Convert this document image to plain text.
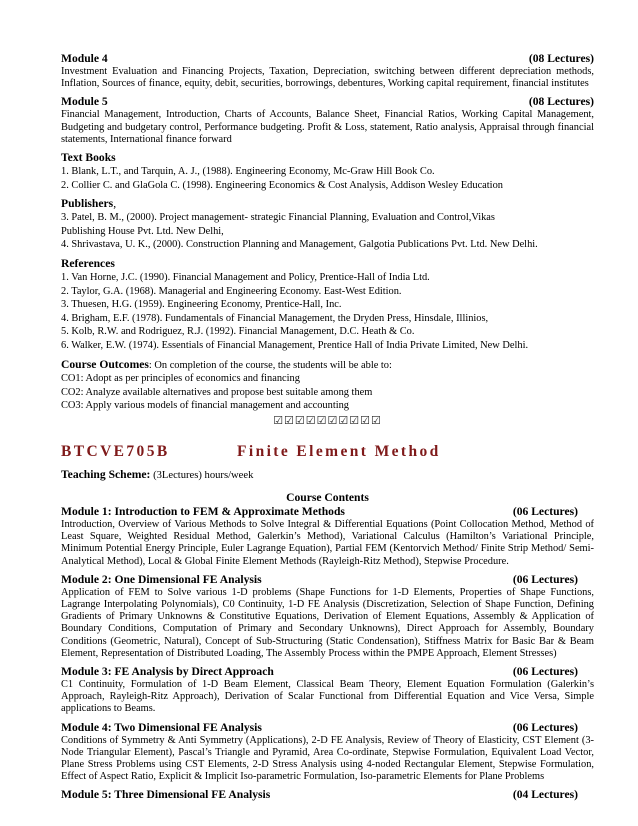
Module 4	(08 Lectures)
Investment Evaluation and Financing Projects, Taxation, Depreciation, switching between different depreciation methods, Inflation, Sources of finance, equity, debit, securities, borrowings, debentures, Working capital requirement, financial institutes
Module 5	(08 Lectures)
Financial Management, Introduction, Charts of Accounts, Balance Sheet, Financial Ratios, Working Capital Management, Budgeting and budgetary control, Performance budgeting. Profit & Loss, statement, Ratio analysis, Appraisal through financial statements, International finance forward
Text Books
1. Blank, L.T., and Tarquin, A. J., (1988). Engineering Economy, Mc-Graw Hill Book Co.
2. Collier C. and GlaGola C. (1998). Engineering Economics & Cost Analysis, Addison Wesley Education
Publishers,
3. Patel, B. M., (2000). Project management- strategic Financial Planning, Evaluation and Control,Vikas
Publishing House Pvt. Ltd. New Delhi,
4. Shrivastava, U. K., (2000). Construction Planning and Management, Galgotia Publications Pvt. Ltd. New Delhi.
References
1. Van Horne, J.C. (1990). Financial Management and Policy, Prentice-Hall of India Ltd.
2. Taylor, G.A. (1968). Managerial and Engineering Economy. East-West Edition.
3. Thuesen, H.G. (1959). Engineering Economy, Prentice-Hall, Inc.
4. Brigham, E.F. (1978). Fundamentals of Financial Management, the Dryden Press, Hinsdale, Illinios,
5. Kolb, R.W. and Rodriguez, R.J. (1992). Financial Management, D.C. Heath & Co.
6. Walker, E.W. (1974). Essentials of Financial Management, Prentice Hall of India Private Limited, New Delhi.
Course Outcomes: On completion of the course, the students will be able to:
CO1: Adopt as per principles of economics and financing
CO2: Analyze available alternatives and propose best suitable among them
CO3: Apply various models of financial management and accounting
☑☑☑☑☑☑☑☑☑☑
BTCVE705B	Finite Element Method
Teaching Scheme: (3Lectures) hours/week
Course Contents
Module 1: Introduction to FEM & Approximate Methods	(06 Lectures)
Introduction, Overview of Various Methods to Solve Integral & Differential Equations (Point Collocation Method, Method of Least Square, Weighted Residual Method, Galerkin’s Method), Variational Calculus (Hamilton’s Variational Principle, Minimum Potential Energy Principle, Euler Lagrange Equation), Partial FEM (Kentorvich Method/ Finite Strip Method/ Semi-Analytical Method), Local & Global Finite Element Methods (Rayleigh-Ritz Method), Stepwise Procedure.
Module 2: One Dimensional FE Analysis	(06 Lectures)
Application of FEM to Solve various 1-D problems (Shape Functions for 1-D Elements, Properties of Shape Functions, Lagrange Interpolating Polynomials), C0 Continuity, 1-D FE Analysis (Discretization, Selection of Shape Function, Defining Gradients of Primary Unknowns & Constitutive Equations, Derivation of Element Equations, Assembly & Application of Boundary Conditions, Computation of Primary and Secondary Unknowns), Direct Approach for Assembly, Boundary Conditions (Geometric, Natural), Concept of Sub-Structuring (Static Condensation), Stiffness Matrix for Basic Bar & Beam Element, Representation of Distributed Loading, The Assembly Process within the PMPE Approach, Element Stresses)
Module 3: FE Analysis by Direct Approach	(06 Lectures)
C1 Continuity, Formulation of 1-D Beam Element, Classical Beam Theory, Element Equation Formulation (Galerkin’s Approach, Rayleigh-Ritz Approach), Derivation of Scalar Functional from Differential Equation and Vice Versa, Simple applications to Beams.
Module 4: Two Dimensional FE Analysis	(06 Lectures)
Conditions of Symmetry & Anti Symmetry (Applications), 2-D FE Analysis, Review of Theory of Elasticity, CST Element (3-Node Triangular Element), Pascal’s Triangle and Pyramid, Area Co-ordinate, Stepwise Formulation, Equivalent Load Vector, Plane Stress Problems using CST Elements, 2-D Stress Analysis using 4-noded Rectangular Element, Stepwise Formulation, Effect of Aspect Ratio, Explicit & Implicit Iso-parametric Formulation, Iso-parametric Elements for Plane Problems
Module 5: Three Dimensional FE Analysis	(04 Lectures)
